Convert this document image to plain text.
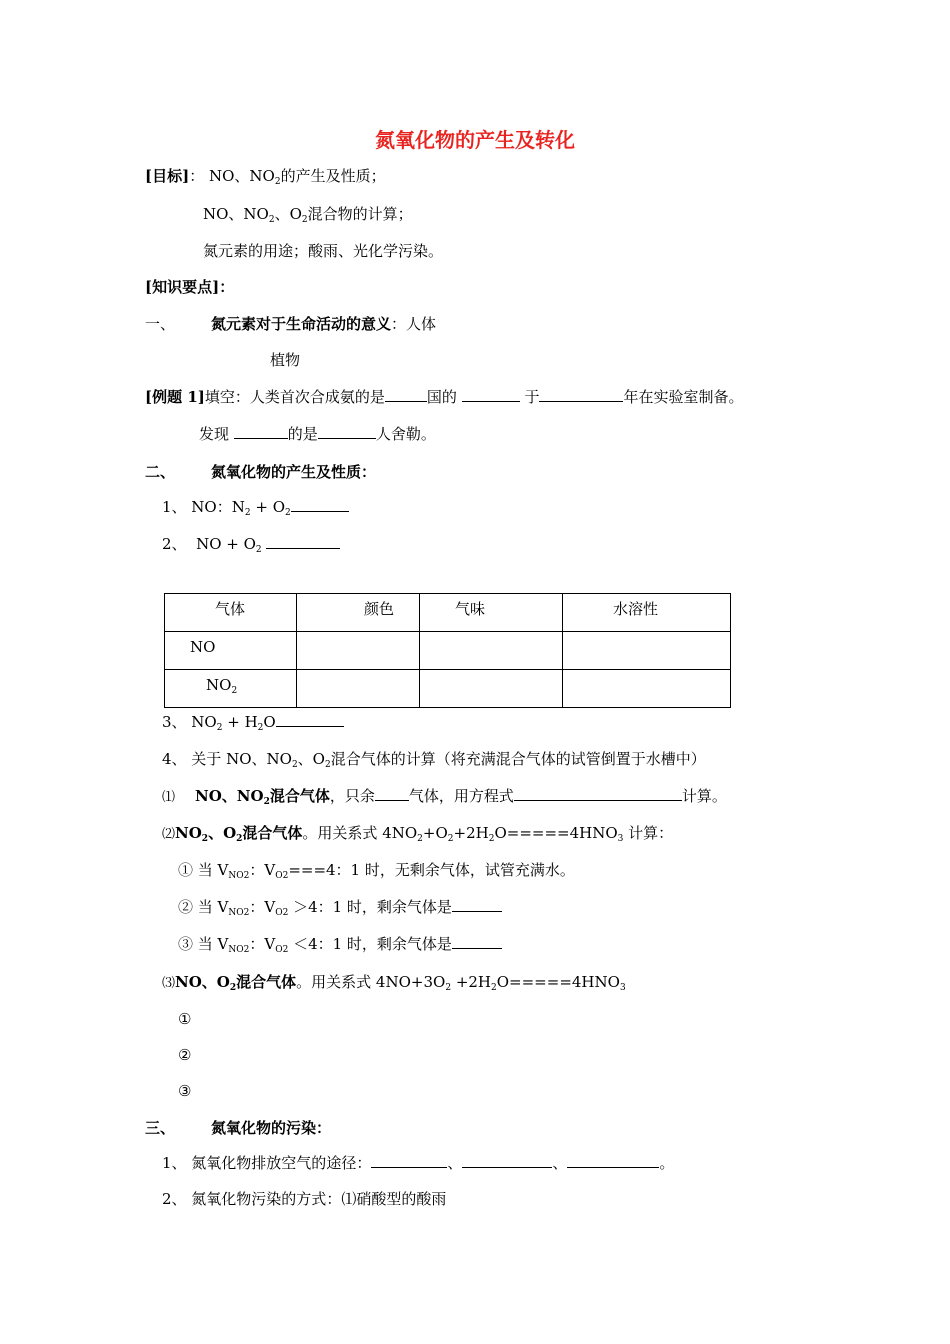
氮氧化物的产生及转化
[目标]： NO、$NO_2$的产生及性质；
NO、$NO_2$、$O_2$混合物的计算；
氮元素的用途；酸雨、光化学污染。
[知识要点]：
一、 氮元素对于生命活动的意义：人体
植物
[例题 1]填空：人类首次合成氨的是	国的	于	年在实验室制备。
发现	的是	人舍勒。
二、 氮氧化物的产生及性质：
1、 NO：$N_2 + O_2$
2、  NO + $O_2$
气体	颜色	气味	水溶性

NO			

$NO_2$

3、 $NO_2 + H_2O$
4、 关于 NO、$NO_2$、$O_2$混合气体的计算（将充满混合气体的试管倒置于水槽中）
⑴ NO、$NO_2$混合气体，只余 气体，用方程式	计算。
$⑵NO_2$、$O_2$混合气体。用关系式 $4NO_2+O_2+2H_2O=====4HNO_3$ 计算：
① 当 $V_{NO2}$：$V_{O2}===4$：1 时，无剩余气体，试管充满水。
② 当 $V_{NO2}$：$V_{O2} >4$：1 时，剩余气体是
③ 当 $V_{NO2}$：$V_{O2} <4$：1 时，剩余气体是
⑶NO、$O_2$混合气体。用关系式 $4NO+3O_2 +2H_2O=====4HNO_3$
①
②
③
三、 氮氧化物的污染：
1、 氮氧化物排放空气的途径：	、	、	。
2、 氮氧化物污染的方式：⑴硝酸型的酸雨
